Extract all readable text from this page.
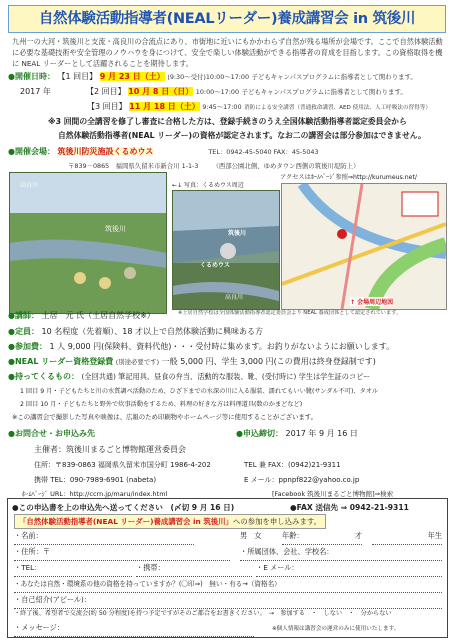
自然体験活動指導者(NEALリーダー)養成講習会 in 筑後川
九州一の大河・筑後川と支流・高良川の合流点にあり、市街地に近いにもかかわらず自然が残る場所が会場です。ここで自然体験活動に必要な基礎技術や安全管理のノウハウを身につけて、安全で楽しい体験活動ができる指導者の育成を目指します。この資格取得を機に NEAL リーダーとして活躍されることを期待します。
●開催日時： 【1 回目】 9 月 23 日（土） (9:30～受付)10:00～17:00 子どもキャンパスプログラムに指導者として関わります。
2017 年	【2 回目】 10 月 8 日（日） 10:00～17:00 子どもキャンパスプログラムに指導者として関わります。
【3 回目】 11 月 18 日（土） 9:45～17:00 消防による安全講習（普通救命講習、AED 使用法、人工呼吸法の習得等）
※3 回間の全講習を修了し審査に合格した方は、登録手続きのうえ全国体験活動指導者認定委員会から
自然体験活動指導者(NEAL リーダー)の資格が認定されます。なお二の講習会は部分参加はできません。
●開催会場： 筑後川防災施設くるめウス	TEL：0942-45-5040 FAX：45-5043
〒839－0865　福岡県久留米市新合川 1-1-3 （西部公園北側、ゆめタウン西側の筑後川堤防上）
高良川
筑後川
←↓ 写真：くるめウス周辺
筑後川
くるめウス
高良川
アクセスはﾎｰﾑﾍﾟｰｼﾞ参照⇒http://kurumeus.net/
↑ 会場周辺地図
●講師： 土居　元 氏（土居自然学校※）	※土居自然学校は全国体験活動指導者認定委員会より NEAL 養成団体として認定されています。
●定員： 10 名程度（先着順）、18 才以上で自然体験活動に興味ある方
●参加費： 1 人 9,000 円(保険料、資料代他)・・・受付時に集めます。お釣りがないようにお願いします。
●NEAL リーダー資格登録費 (別途必要です) 一般 5,000 円、学生 3,000 円(この費用は終身登録制です)
●持ってくるもの： (全回共通) 筆記用具、昼食の弁当、活動的な服装、靴、(受付時に) 学生は学生証のコピー
1 回目 9 月・子どもたちと川の水質調べ活動のため、ひざ下までの水深の川に入る服装、濡れてもいい靴(サンダル不可)、タオル
2 回目 10 月・子どもたちと野外で炊事活動をするため、料理の好きな方は料理道具(数のかまどなど)
※この講習会で撮影した写真や映像は、広報のため印刷物やホームページ等に使用することがございます。
●お問合せ・お申込み先	●申込締切： 2017 年 9 月 16 日
主催者：筑後川まるごと博物館運営委員会
住所：〒839-0863 福岡県久留米市国分町 1986-4-202	TEL 兼 FAX：(0942)21-9311
携帯 TEL：090-7989-6901 (nabeta)	E メール：ppnpf822@yahoo.co.jp
ﾎｰﾑﾍﾟｰｼﾞ URL：http://ccrn.jp/maru/index.html	[Facebook 筑後川まるごと博物館]⇒検索
●この申込書を上の申込先へ送ってください　(〆切 9 月 16 日)	●FAX 送信先 ⇒ 0942-21-9311
「自然体験活動指導者(NEAL リーダー)養成講習会 in 筑後川」への参加を申し込みます。
・名前：	男　女	年齢：	才	年生
・住所：〒	・所属団体、会社、学校名：
・TEL：	・携帯：	・E メール：
・あなたは自然・環境系の他の資格を持っていますか？(〇印⇒)　無い・有る→（資格名）
・自己紹介(アピール)：
・終了後、希望者で交流会(約 50 分程度)を持つ予定ですがそのご都合をお書きください。　→　参加する　・　しない　・　分からない
・メッセージ：	※個人情報は講習会の運営のみに使用いたします。
